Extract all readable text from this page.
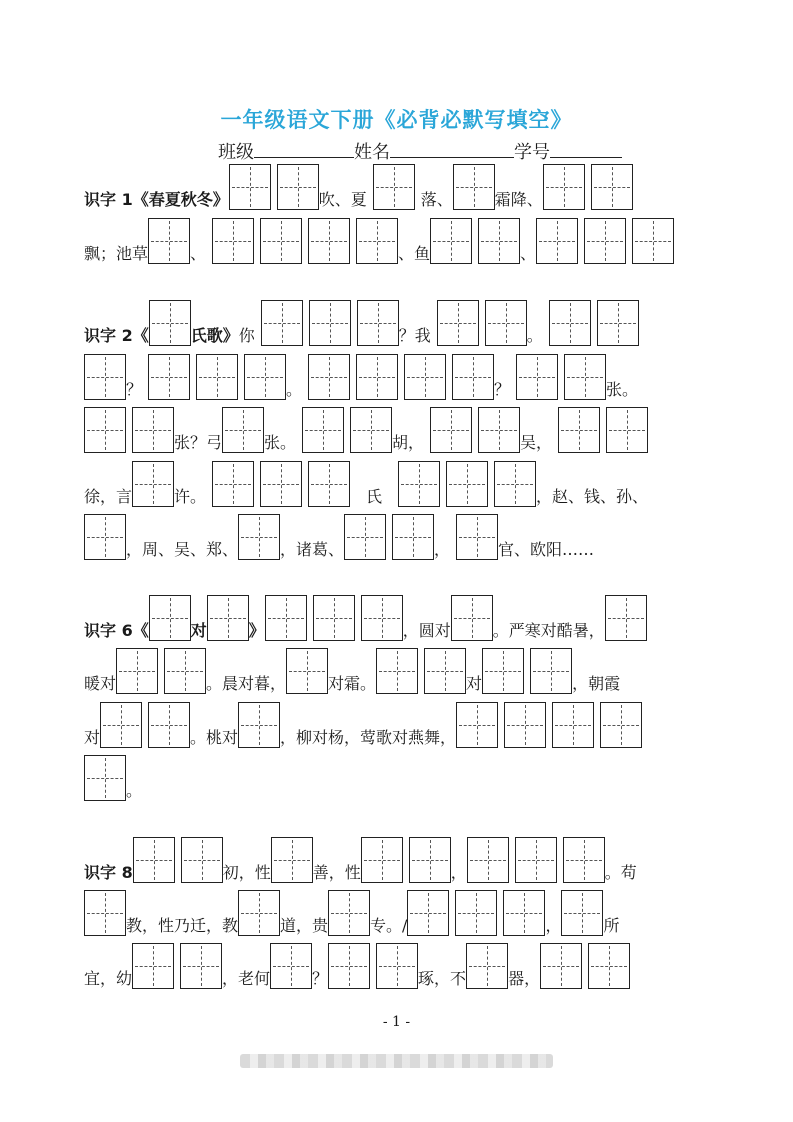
一年级语文下册《必背必默写填空》
班级	姓名	学号
识字 1《春夏秋冬》	吹、夏	落、	霜降、
飘；池草	、	、鱼	、
识字 2《	氏歌》 你	？我	。
？	。	？	张。
张？弓	张。	胡，	吴，
徐，言	许。	氏	，赵、钱、孙、
，周、吴、郑、	，诸葛、	，	官、欧阳……
识字 6《	对	》	，圆对	。严寒对酷暑，
暖对	。晨对暮，	对霜。	对	，朝霞
对	。桃对	，柳对杨，莺歌对燕舞，
。
识字 8	初，性	善，性	，	。苟
教，性乃迁，教	道，贵	专。/	，	所
宜，幼	，老何	？	琢，不	器，
- 1 -
